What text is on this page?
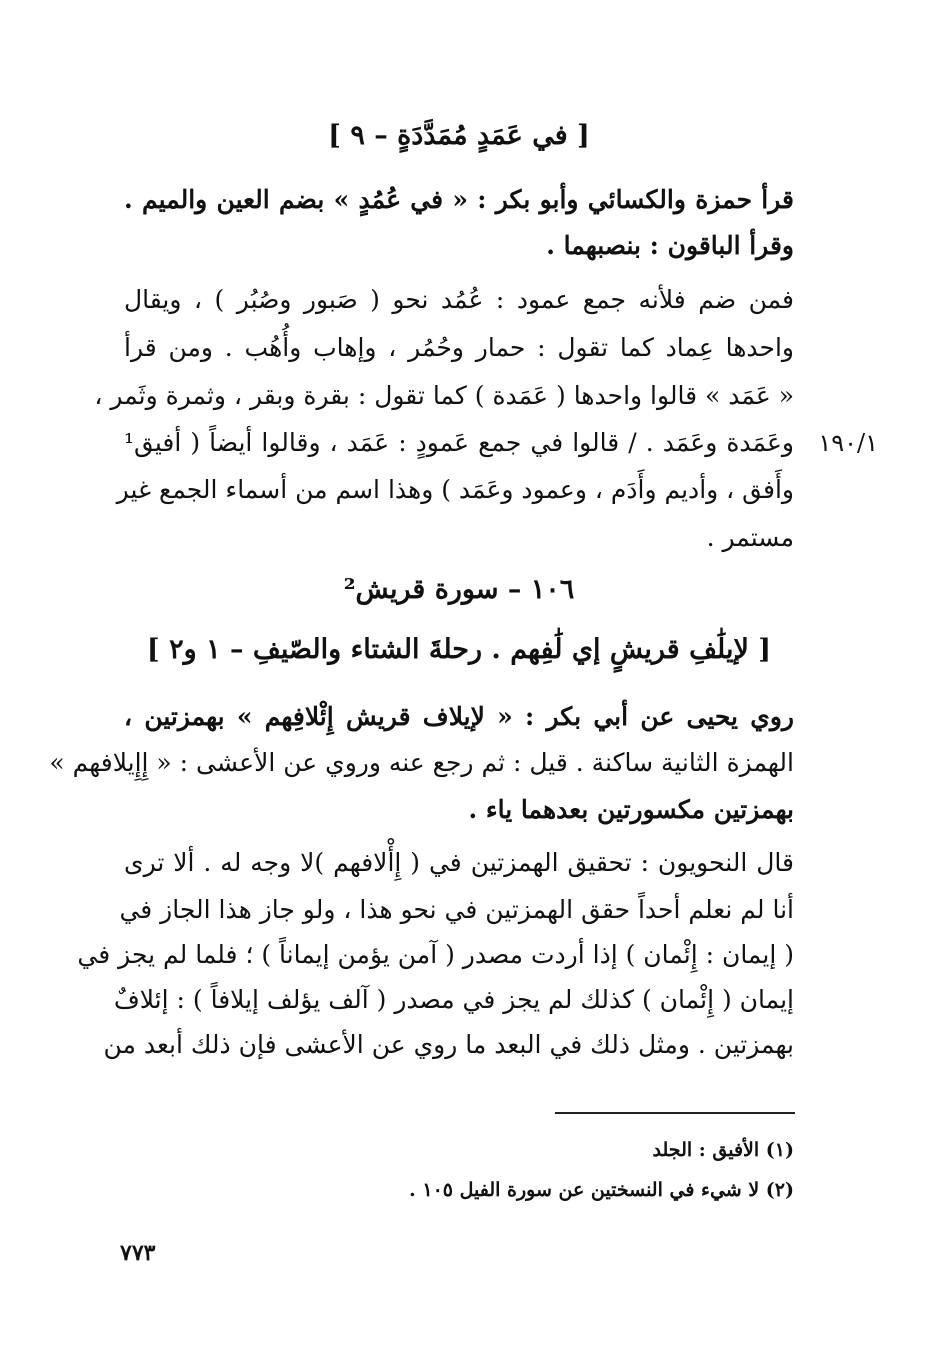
[ في عَمَدٍ مُمَدَّدَةٍ – ٩ ]
قرأ حمزة والكسائي وأبو بكر : « في عُمُدٍ » بضم العين والميم .
وقرأ الباقون : بنصبهما .
فمن ضم فلأنه جمع عمود : عُمُد نحو ( صَبور وصُبُر ) ، ويقال
واحدها عِماد كما تقول : حمار وحُمُر ، وإهاب وأُهُب . ومن قرأ
« عَمَد » قالوا واحدها ( عَمَدة ) كما تقول : بقرة وبقر ، وثمرة وثَمر ،
وعَمَدة وعَمَد . / قالوا في جمع عَمودٍ : عَمَد ، وقالوا أيضاً ( أفيق¹
وأَفق ، وأديم وأَدَم ، وعمود وعَمَد ) وهذا اسم من أسماء الجمع غير
مستمر .
١٩٠/١
١٠٦ – سورة قريش²
[ لإيلَٰفِ قريشٍ إي لَٰفِهم . رحلةَ الشتاء والصّيفِ – ١ و٢ ]
روي يحيى عن أبي بكر : « لإيلاف قريش إِئْلافِهم » بهمزتين ،
الهمزة الثانية ساكنة . قيل : ثم رجع عنه وروي عن الأعشى : « إِإِيلافهم »
بهمزتين مكسورتين بعدهما ياء .
قال النحويون : تحقيق الهمزتين في ( إِأْلافهم )لا وجه له . ألا ترى
أنا لم نعلم أحداً حقق الهمزتين في نحو هذا ، ولو جاز هذا الجاز في
( إيمان : إِئْمان ) إذا أردت مصدر ( آمن يؤمن إيماناً ) ؛ فلما لم يجز في
إيمان ( إِئْمان ) كذلك لم يجز في مصدر ( آلف يؤلف إيلافاً ) : إئلافٌ
بهمزتين . ومثل ذلك في البعد ما روي عن الأعشى فإن ذلك أبعد من
(١) الأفيق : الجلد
(٢) لا شيء في النسختين عن سورة الفيل ١٠٥ .
٧٧٣
